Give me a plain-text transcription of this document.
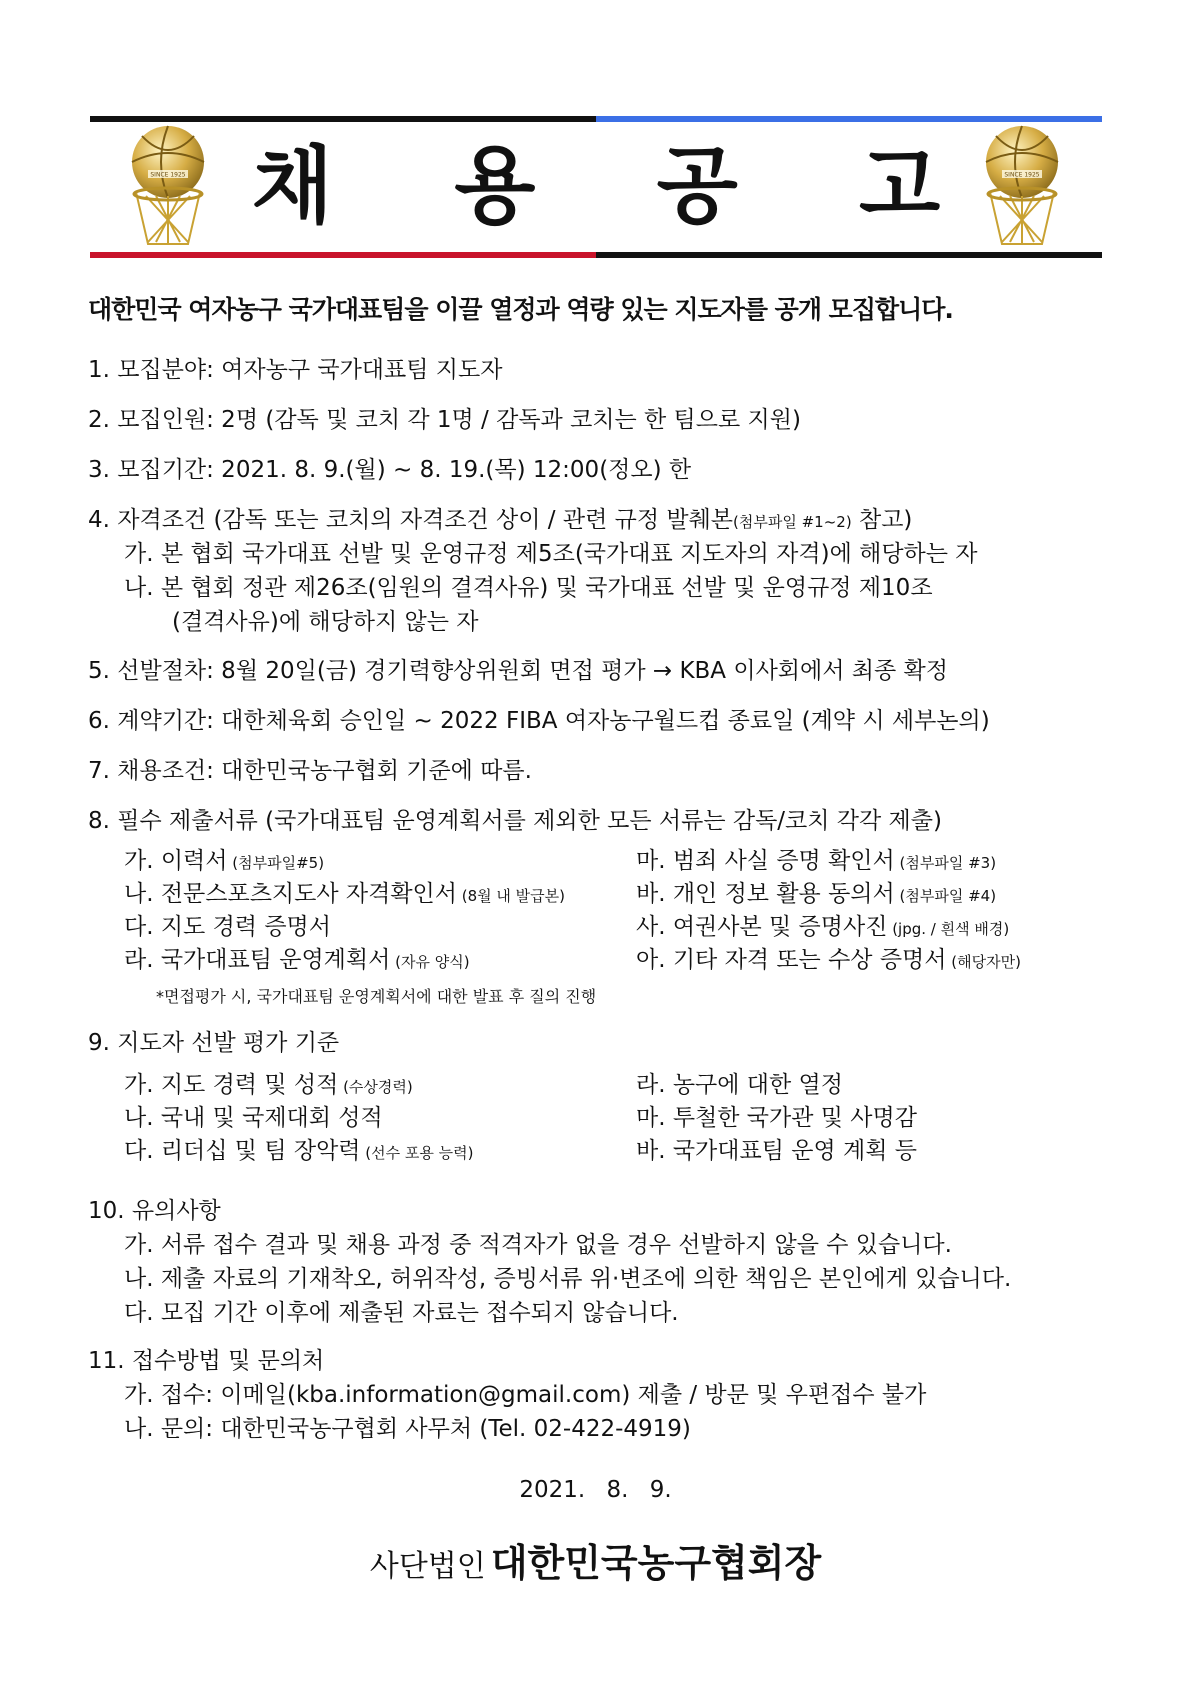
SINCE 1925 채 용 공 고	SINCE 1925
대한민국 여자농구 국가대표팀을 이끌 열정과 역량 있는 지도자를 공개 모집합니다.
1. 모집분야: 여자농구 국가대표팀 지도자
2. 모집인원: 2명 (감독 및 코치 각 1명 / 감독과 코치는 한 팀으로 지원)
3. 모집기간: 2021. 8. 9.(월) ~ 8. 19.(목) 12:00(정오) 한
4. 자격조건 (감독 또는 코치의 자격조건 상이 / 관련 규정 발췌본(첨부파일 #1~2) 참고)
가. 본 협회 국가대표 선발 및 운영규정 제5조(국가대표 지도자의 자격)에 해당하는 자
나. 본 협회 정관 제26조(임원의 결격사유) 및 국가대표 선발 및 운영규정 제10조
(결격사유)에 해당하지 않는 자
5. 선발절차: 8월 20일(금) 경기력향상위원회 면접 평가 → KBA 이사회에서 최종 확정
6. 계약기간: 대한체육회 승인일 ~ 2022 FIBA 여자농구월드컵 종료일 (계약 시 세부논의)
7. 채용조건: 대한민국농구협회 기준에 따름.
8. 필수 제출서류 (국가대표팀 운영계획서를 제외한 모든 서류는 감독/코치 각각 제출)
가. 이력서 (첨부파일#5)
나. 전문스포츠지도사 자격확인서 (8월 내 발급본)
다. 지도 경력 증명서
라. 국가대표팀 운영계획서 (자유 양식)
마. 범죄 사실 증명 확인서 (첨부파일 #3)
바. 개인 정보 활용 동의서 (첨부파일 #4)
사. 여권사본 및 증명사진 (jpg. / 흰색 배경)
아. 기타 자격 또는 수상 증명서 (해당자만)
*면접평가 시, 국가대표팀 운영계획서에 대한 발표 후 질의 진행
9. 지도자 선발 평가 기준
가. 지도 경력 및 성적 (수상경력)
나. 국내 및 국제대회 성적
다. 리더십 및 팀 장악력 (선수 포용 능력)
라. 농구에 대한 열정
마. 투철한 국가관 및 사명감
바. 국가대표팀 운영 계획 등
10. 유의사항
가. 서류 접수 결과 및 채용 과정 중 적격자가 없을 경우 선발하지 않을 수 있습니다.
나. 제출 자료의 기재착오, 허위작성, 증빙서류 위·변조에 의한 책임은 본인에게 있습니다.
다. 모집 기간 이후에 제출된 자료는 접수되지 않습니다.
11. 접수방법 및 문의처
가. 접수: 이메일(kba.information@gmail.com) 제출 / 방문 및 우편접수 불가
나. 문의: 대한민국농구협회 사무처 (Tel. 02-422-4919)
2021. 8. 9.
사단법인 대한민국농구협회장
